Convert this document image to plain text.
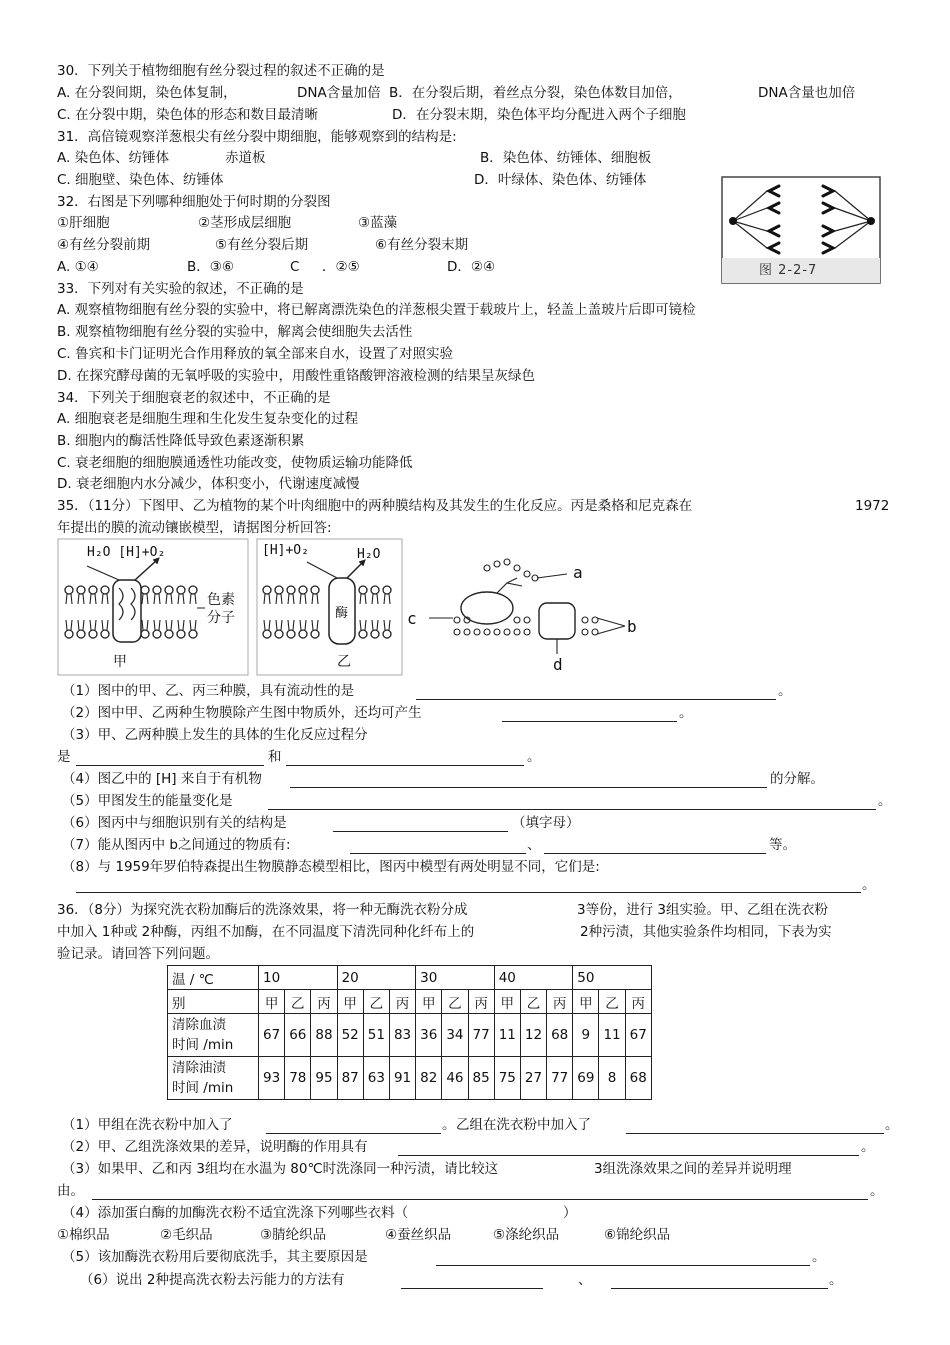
30．下列关于植物细胞有丝分裂过程的叙述不正确的是
A. 在分裂间期，染色体复制，	DNA含量加倍 B．在分裂后期，着丝点分裂，染色体数目加倍，	DNA含量也加倍
C. 在分裂中期，染色体的形态和数目最清晰	D．在分裂末期，染色体平均分配进入两个子细胞
31．高倍镜观察洋葱根尖有丝分裂中期细胞，能够观察到的结构是:
A. 染色体、纺锤体	赤道板	B．染色体、纺锤体、细胞板
C. 细胞壁、染色体、纺锤体	D．叶绿体、染色体、纺锤体
32．右图是下列哪种细胞处于何时期的分裂图
①肝细胞	②茎形成层细胞	③蓝藻
④有丝分裂前期	⑤有丝分裂后期	⑥有丝分裂末期
A. ①④	B．③⑥	C ．②⑤	D．②④	图 2-2-7
33．下列对有关实验的叙述，不正确的是
A. 观察植物细胞有丝分裂的实验中，将已解离漂洗染色的洋葱根尖置于载玻片上，轻盖上盖玻片后即可镜检
B. 观察植物细胞有丝分裂的实验中，解离会使细胞失去活性
C. 鲁宾和卡门证明光合作用释放的氧全部来自水，设置了对照实验
D. 在探究酵母菌的无氧呼吸的实验中，用酸性重铬酸钾溶液检测的结果呈灰绿色
34．下列关于细胞衰老的叙述中，不正确的是
A. 细胞衰老是细胞生理和生化发生复杂变化的过程
B. 细胞内的酶活性降低导致色素逐渐积累
C. 衰老细胞的细胞膜通透性功能改变，使物质运输功能降低
D. 衰老细胞内水分减少，体积变小，代谢速度减慢
35．（11分）下图甲、乙为植物的某个叶肉细胞中的两种膜结构及其发生的生化反应。丙是桑格和尼克森在	1972
年提出的膜的流动镶嵌模型，请据图分析回答:
H₂O [H]+O₂
色素
分子
甲
[H]+O₂	H₂O
酶
乙
a
b
c
d
（1）图中的甲、乙、丙三种膜，具有流动性的是	。
（2）图中甲、乙两种生物膜除产生图中物质外，还均可产生	。
（3）甲、乙两种膜上发生的具体的生化反应过程分
是	和	。
（4）图乙中的 [H] 来自于有机物	的分解。
（5）甲图发生的能量变化是	。
（6）图丙中与细胞识别有关的结构是	（填字母）
（7）能从图丙中 b之间通过的物质有:	、	等。
（8）与 1959年罗伯特森提出生物膜静态模型相比，图丙中模型有两处明显不同，它们是:
。
36．（8分）为探究洗衣粉加酶后的洗涤效果，将一种无酶洗衣粉分成	3等份，进行 3组实验。甲、乙组在洗衣粉
中加入 1种或 2种酶，丙组不加酶，在不同温度下清洗同种化纤布上的	2种污渍，其他实验条件均相同，下表为实
验记录。请回答下列问题。
温 / ℃	10			20			30			40			50		
别	甲	乙	丙	甲	乙	丙	甲	乙	丙	甲	乙	丙	甲	乙	丙
清除血渍
时间 /min	67	66	88	52	51	83	36	34	77	11	12	68	9	11	67
清除油渍
时间 /min	93	78	95	87	63	91	82	46	85	75	27	77	69	8	68
（1）甲组在洗衣粉中加入了	。 乙组在洗衣粉中加入了	。
（2）甲、乙组洗涤效果的差异，说明酶的作用具有	。
（3）如果甲、乙和丙 3组均在水温为 80℃时洗涤同一种污渍，请比较这	3组洗涤效果之间的差异并说明理
由。	。
（4）添加蛋白酶的加酶洗衣粉不适宜洗涤下列哪些衣料（	）
①棉织品	②毛织品	③腈纶织品	④蚕丝织品	⑤涤纶织品	⑥锦纶织品
（5）该加酶洗衣粉用后要彻底洗手，其主要原因是	。
（6）说出 2种提高洗衣粉去污能力的方法有	、	。
